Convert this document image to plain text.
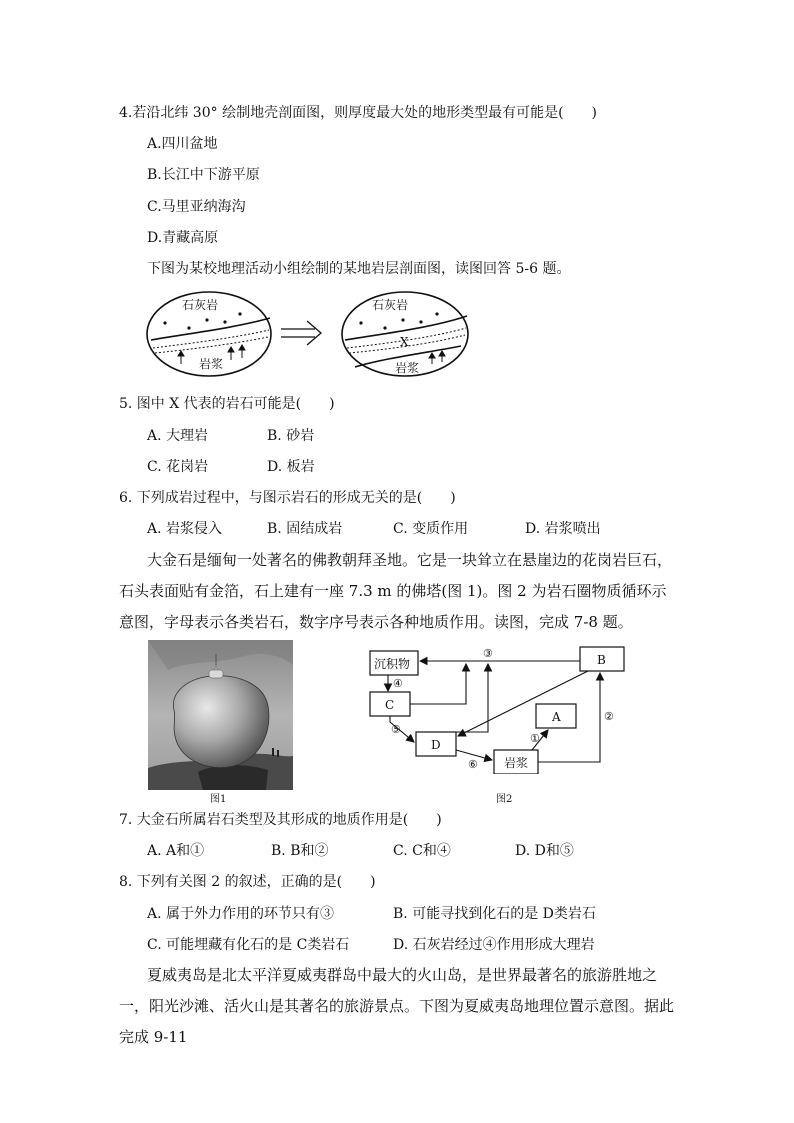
4.若沿北纬 30° 绘制地壳剖面图，则厚度最大处的地形类型最有可能是(　　)
A.四川盆地
B.长江中下游平原
C.马里亚纳海沟
D.青藏高原
下图为某校地理活动小组绘制的某地岩层剖面图，读图回答 5-6 题。
石灰岩
岩浆
石灰岩
X
岩浆
5. 图中 X 代表的岩石可能是(　　)
A. 大理岩	B. 砂岩
C. 花岗岩	D. 板岩
6. 下列成岩过程中，与图示岩石的形成无关的是(　　)
A. 岩浆侵入	B. 固结成岩	C. 变质作用	D. 岩浆喷出
大金石是缅甸一处著名的佛教朝拜圣地。它是一块耸立在悬崖边的花岗岩巨石，石头表面贴有金箔，石上建有一座 7.3 m 的佛塔(图 1)。图 2 为岩石圈物质循环示意图，字母表示各类岩石，数字序号表示各种地质作用。读图，完成 7-8 题。
图1
沉积物	B
C
A
D
岩浆
③
④
⑤
①
②
⑥
图2
7. 大金石所属岩石类型及其形成的地质作用是(　　)
A. A和①	B. B和②	C. C和④	D. D和⑤
8. 下列有关图 2 的叙述，正确的是(　　)
A. 属于外力作用的环节只有③	B. 可能寻找到化石的是 D类岩石
C. 可能埋藏有化石的是 C类岩石	D. 石灰岩经过④作用形成大理岩
夏威夷岛是北太平洋夏威夷群岛中最大的火山岛，是世界最著名的旅游胜地之一，阳光沙滩、活火山是其著名的旅游景点。下图为夏威夷岛地理位置示意图。据此完成 9-11
